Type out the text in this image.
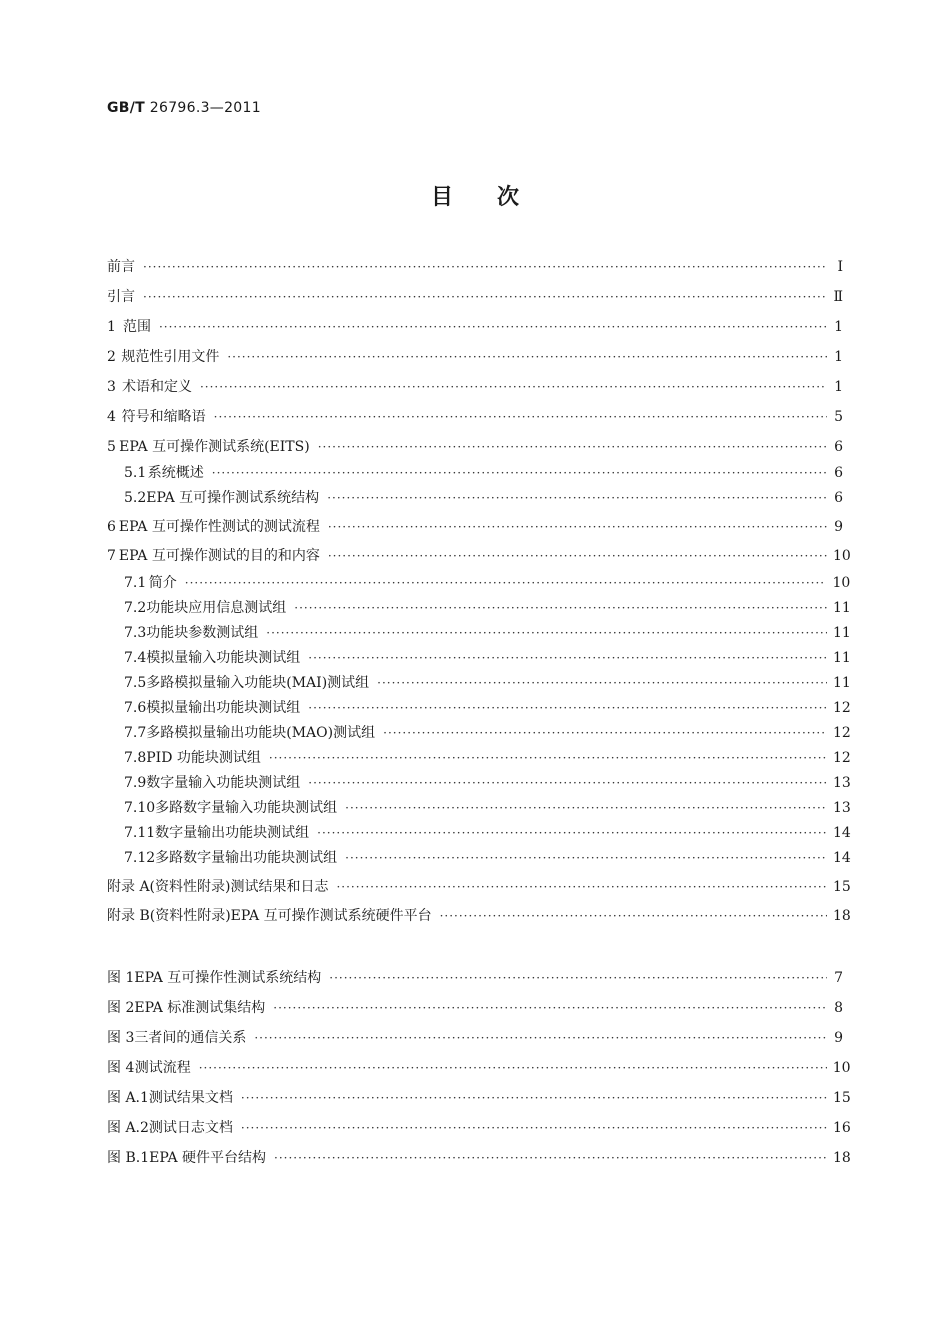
GB/T 26796.3—2011
目次
前言 ·····	Ⅰ
引言 ·····	Ⅱ
1 范围 ·····	1
2 规范性引用文件 ·····	1
3 术语和定义 ·····	1
4 符号和缩略语 ·····	5
5 EPA 互可操作测试系统(EITS) ·····	6
5.1 系统概述 ·····	6
5.2 EPA 互可操作测试系统结构 ·····	6
6 EPA 互可操作性测试的测试流程 ·····	9
7 EPA 互可操作测试的目的和内容 ·····	10
7.1 简介 ·····	10
7.2 功能块应用信息测试组 ·····	11
7.3 功能块参数测试组 ·····	11
7.4 模拟量输入功能块测试组 ·····	11
7.5 多路模拟量输入功能块(MAI)测试组 ·····	11
7.6 模拟量输出功能块测试组 ·····	12
7.7 多路模拟量输出功能块(MAO)测试组 ·····	12
7.8 PID 功能块测试组 ·····	12
7.9 数字量输入功能块测试组 ·····	13
7.10 多路数字量输入功能块测试组 ·····	13
7.11 数字量输出功能块测试组 ·····	14
7.12 多路数字量输出功能块测试组 ·····	14
附录 A(资料性附录) 测试结果和日志 ·····	15
附录 B(资料性附录) EPA 互可操作测试系统硬件平台 ·····	18
图 1 EPA 互可操作性测试系统结构 ·····	7
图 2 EPA 标准测试集结构 ·····	8
图 3 三者间的通信关系 ·····	9
图 4 测试流程 ·····	10
图 A.1 测试结果文档 ·····	15
图 A.2 测试日志文档 ·····	16
图 B.1 EPA 硬件平台结构 ·····	18
